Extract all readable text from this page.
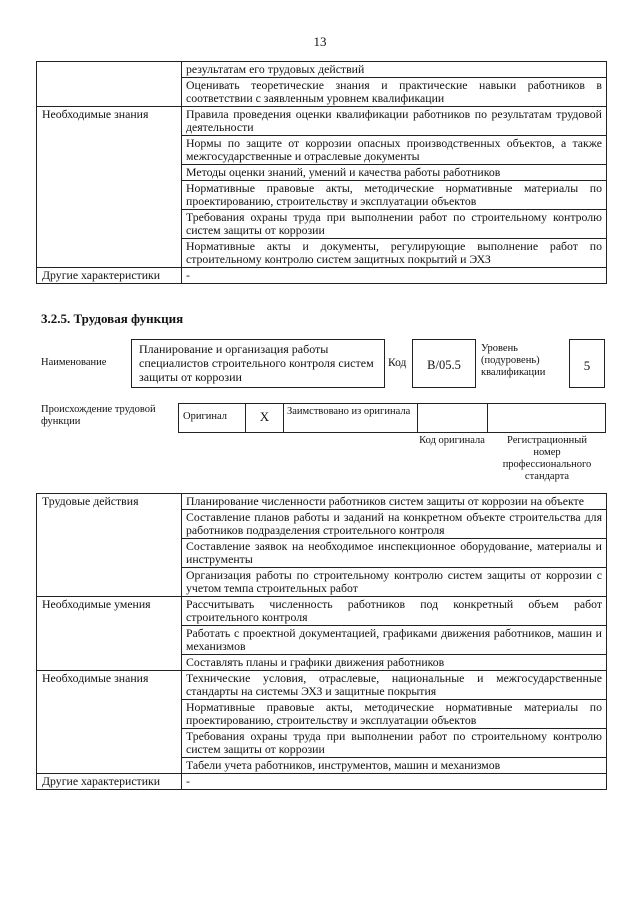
13
	результатам его трудовых действий
	Оценивать теоретические знания и практические навыки работников в соответствии с заявленным уровнем квалификации
Необходимые знания	Правила проведения оценки квалификации работников по результатам трудовой деятельности
	Нормы по защите от коррозии опасных производственных объектов, а также межгосударственные и отраслевые документы
	Методы оценки знаний, умений и качества работы работников
	Нормативные правовые акты, методические нормативные материалы по проектированию, строительству и эксплуатации объектов
	Требования охраны труда при выполнении работ по строительному контролю систем защиты от коррозии
	Нормативные акты и документы, регулирующие выполнение работ по строительному контролю систем защитных покрытий и ЭХЗ
Другие характеристики	-
3.2.5. Трудовая функция
Наименование
Планирование и организация работы специалистов строительного контроля систем защиты от коррозии
Код	B/05.5
Уровень (подуровень) квалификации	5
Происхождение трудовой функции	Оригинал	X	Заимствовано из оригинала
Код оригинала	Регистрационный номер профессионального стандарта
Трудовые действия	Планирование численности работников систем защиты от коррозии на объекте
	Составление планов работы и заданий на конкретном объекте строительства для работников подразделения строительного контроля
	Составление заявок на необходимое инспекционное оборудование, материалы и инструменты
	Организация работы по строительному контролю систем защиты от коррозии с учетом темпа строительных работ
Необходимые умения	Рассчитывать численность работников под конкретный объем работ строительного контроля
	Работать с проектной документацией, графиками движения работников, машин и механизмов
	Составлять планы и графики движения работников
Необходимые знания	Технические условия, отраслевые, национальные и межгосударственные стандарты на системы ЭХЗ и защитные покрытия
	Нормативные правовые акты, методические нормативные материалы по проектированию, строительству и эксплуатации объектов
	Требования охраны труда при выполнении работ по строительному контролю систем защиты от коррозии
	Табели учета работников, инструментов, машин и механизмов
Другие характеристики	-
